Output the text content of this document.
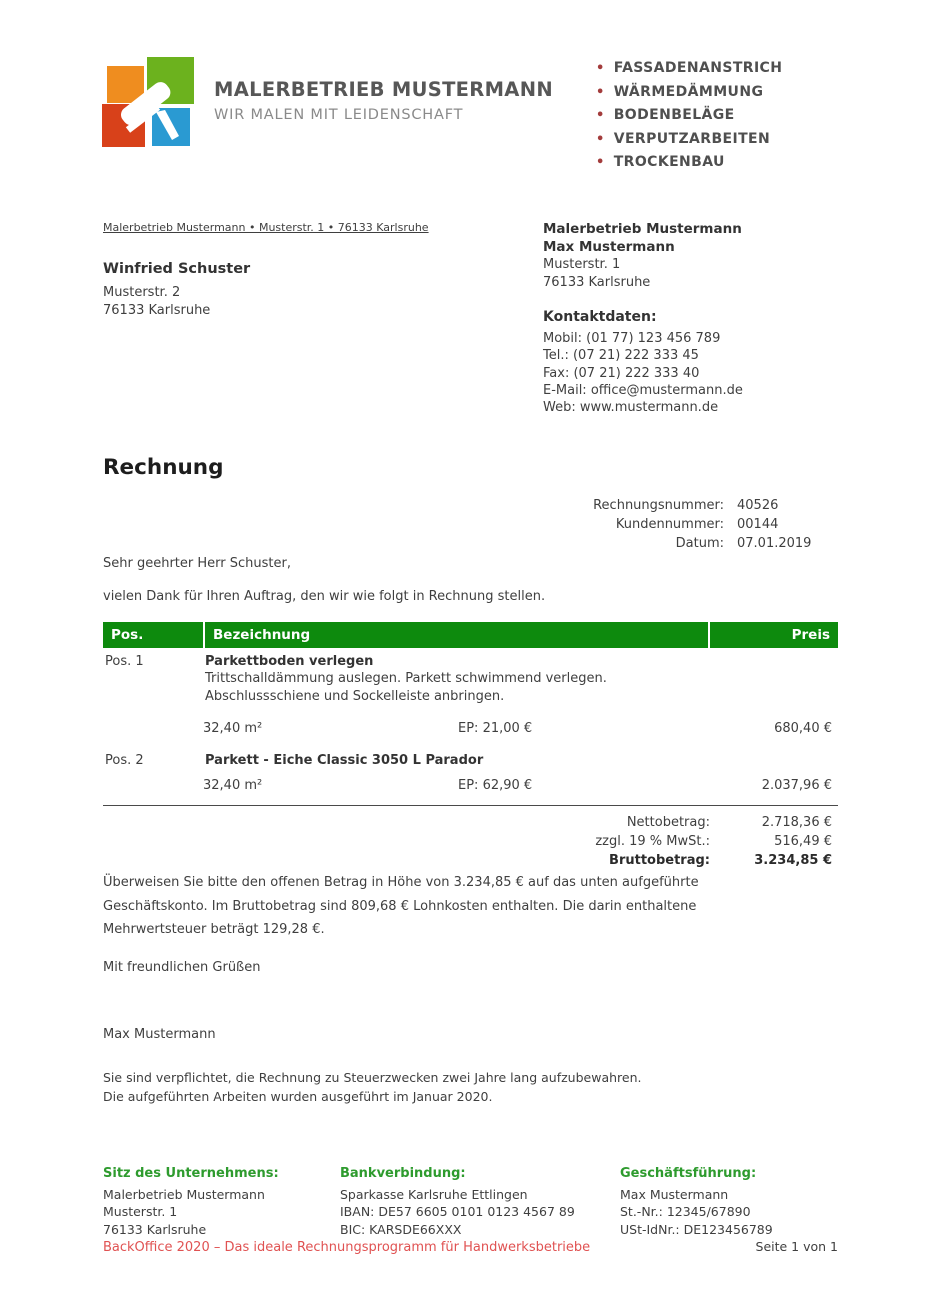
MALERBETRIEB MUSTERMANN
WIR MALEN MIT LEIDENSCHAFT
• FASSADENANSTRICH
• WÄRMEDÄMMUNG
• BODENBELÄGE
• VERPUTZARBEITEN
• TROCKENBAU
Malerbetrieb Mustermann • Musterstr. 1 • 76133 Karlsruhe
Winfried Schuster
Musterstr. 2
76133 Karlsruhe
Malerbetrieb Mustermann
Max Mustermann
Musterstr. 1
76133 Karlsruhe
Kontaktdaten:
Mobil: (01 77) 123 456 789
Tel.: (07 21) 222 333 45
Fax: (07 21) 222 333 40
E-Mail: office@mustermann.de
Web: www.mustermann.de
Rechnung
Rechnungsnummer: 40526
Kundennummer: 00144
Datum: 07.01.2019
Sehr geehrter Herr Schuster,
vielen Dank für Ihren Auftrag, den wir wie folgt in Rechnung stellen.
Pos.	Bezeichnung	Preis
Pos. 1	Parkettboden verlegen
Trittschalldämmung auslegen. Parkett schwimmend verlegen.
Abschlussschiene und Sockelleiste anbringen.
32,40 m²	EP: 21,00 €	680,40 €
Pos. 2	Parkett - Eiche Classic 3050 L Parador
32,40 m²	EP: 62,90 €	2.037,96 €
Nettobetrag:	2.718,36 €
zzgl. 19 % MwSt.:	516,49 €
Bruttobetrag:	3.234,85 €
Überweisen Sie bitte den offenen Betrag in Höhe von 3.234,85 € auf das unten aufgeführte Geschäftskonto. Im Bruttobetrag sind 809,68 € Lohnkosten enthalten. Die darin enthaltene Mehrwertsteuer beträgt 129,28 €.
Mit freundlichen Grüßen
Max Mustermann
Sie sind verpflichtet, die Rechnung zu Steuerzwecken zwei Jahre lang aufzubewahren.
Die aufgeführten Arbeiten wurden ausgeführt im Januar 2020.
Sitz des Unternehmens:
Malerbetrieb Mustermann
Musterstr. 1
76133 Karlsruhe
Bankverbindung:
Sparkasse Karlsruhe Ettlingen
IBAN: DE57 6605 0101 0123 4567 89
BIC: KARSDE66XXX
Geschäftsführung:
Max Mustermann
St.-Nr.: 12345/67890
USt-IdNr.: DE123456789
BackOffice 2020 – Das ideale Rechnungsprogramm für Handwerksbetriebe	Seite 1 von 1
